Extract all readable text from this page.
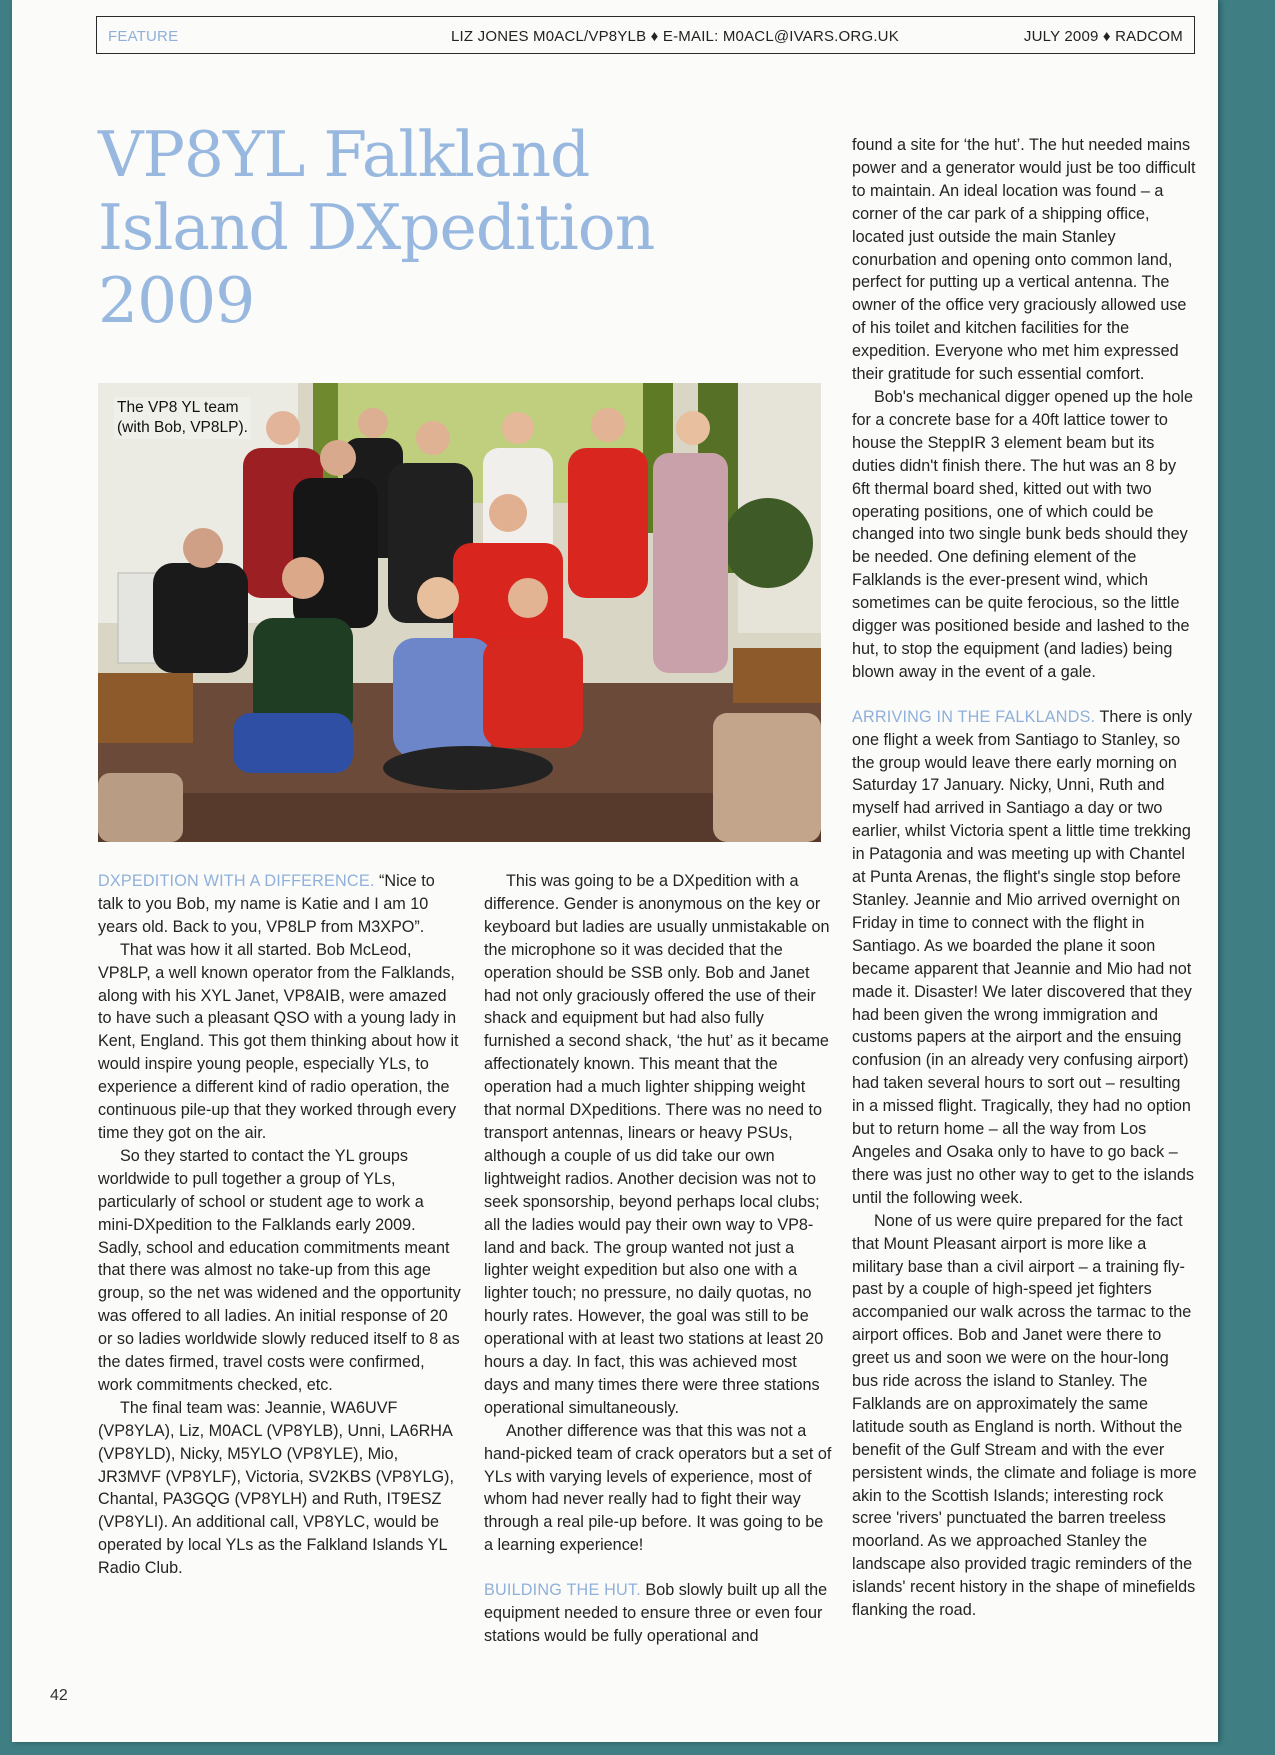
FEATURE	LIZ JONES M0ACL/VP8YLB ♦ E-MAIL: M0ACL@IVARS.ORG.UK	JULY 2009 ♦ RADCOM
VP8YL Falkland Island DXpedition 2009
The VP8 YL team
(with Bob, VP8LP).

DXPEDITION WITH A DIFFERENCE. “Nice to talk to you Bob, my name is Katie and I am 10 years old. Back to you, VP8LP from M3XPO”.

That was how it all started. Bob McLeod, VP8LP, a well known operator from the Falklands, along with his XYL Janet, VP8AIB, were amazed to have such a pleasant QSO with a young lady in Kent, England. This got them thinking about how it would inspire young people, especially YLs, to experience a different kind of radio operation, the continuous pile-up that they worked through every time they got on the air.

So they started to contact the YL groups worldwide to pull together a group of YLs, particularly of school or student age to work a mini-DXpedition to the Falklands early 2009. Sadly, school and education commitments meant that there was almost no take-up from this age group, so the net was widened and the opportunity was offered to all ladies. An initial response of 20 or so ladies worldwide slowly reduced itself to 8 as the dates firmed, travel costs were confirmed, work commitments checked, etc.

The final team was: Jeannie, WA6UVF (VP8YLA), Liz, M0ACL (VP8YLB), Unni, LA6RHA (VP8YLD), Nicky, M5YLO (VP8YLE), Mio, JR3MVF (VP8YLF), Victoria, SV2KBS (VP8YLG), Chantal, PA3GQG (VP8YLH) and Ruth, IT9ESZ (VP8YLI). An additional call, VP8YLC, would be operated by local YLs as the Falkland Islands YL Radio Club.

This was going to be a DXpedition with a difference. Gender is anonymous on the key or keyboard but ladies are usually unmistakable on the microphone so it was decided that the operation should be SSB only. Bob and Janet had not only graciously offered the use of their shack and equipment but had also fully furnished a second shack, ‘the hut’ as it became affectionately known. This meant that the operation had a much lighter shipping weight that normal DXpeditions. There was no need to transport antennas, linears or heavy PSUs, although a couple of us did take our own lightweight radios. Another decision was not to seek sponsorship, beyond perhaps local clubs; all the ladies would pay their own way to VP8-land and back. The group wanted not just a lighter weight expedition but also one with a lighter touch; no pressure, no daily quotas, no hourly rates. However, the goal was still to be operational with at least two stations at least 20 hours a day. In fact, this was achieved most days and many times there were three stations operational simultaneously.

Another difference was that this was not a hand-picked team of crack operators but a set of YLs with varying levels of experience, most of whom had never really had to fight their way through a real pile-up before. It was going to be a learning experience!

BUILDING THE HUT. Bob slowly built up all the equipment needed to ensure three or even four stations would be fully operational and

found a site for ‘the hut’. The hut needed mains power and a generator would just be too difficult to maintain. An ideal location was found – a corner of the car park of a shipping office, located just outside the main Stanley conurbation and opening onto common land, perfect for putting up a vertical antenna. The owner of the office very graciously allowed use of his toilet and kitchen facilities for the expedition. Everyone who met him expressed their gratitude for such essential comfort.

Bob's mechanical digger opened up the hole for a concrete base for a 40ft lattice tower to house the SteppIR 3 element beam but its duties didn't finish there. The hut was an 8 by 6ft thermal board shed, kitted out with two operating positions, one of which could be changed into two single bunk beds should they be needed. One defining element of the Falklands is the ever-present wind, which sometimes can be quite ferocious, so the little digger was positioned beside and lashed to the hut, to stop the equipment (and ladies) being blown away in the event of a gale.

ARRIVING IN THE FALKLANDS. There is only one flight a week from Santiago to Stanley, so the group would leave there early morning on Saturday 17 January. Nicky, Unni, Ruth and myself had arrived in Santiago a day or two earlier, whilst Victoria spent a little time trekking in Patagonia and was meeting up with Chantel at Punta Arenas, the flight's single stop before Stanley. Jeannie and Mio arrived overnight on Friday in time to connect with the flight in Santiago. As we boarded the plane it soon became apparent that Jeannie and Mio had not made it. Disaster! We later discovered that they had been given the wrong immigration and customs papers at the airport and the ensuing confusion (in an already very confusing airport) had taken several hours to sort out – resulting in a missed flight. Tragically, they had no option but to return home – all the way from Los Angeles and Osaka only to have to go back – there was just no other way to get to the islands until the following week.

None of us were quire prepared for the fact that Mount Pleasant airport is more like a military base than a civil airport – a training fly-past by a couple of high-speed jet fighters accompanied our walk across the tarmac to the airport offices. Bob and Janet were there to greet us and soon we were on the hour-long bus ride across the island to Stanley. The Falklands are on approximately the same latitude south as England is north. Without the benefit of the Gulf Stream and with the ever persistent winds, the climate and foliage is more akin to the Scottish Islands; interesting rock scree 'rivers' punctuated the barren treeless moorland. As we approached Stanley the landscape also provided tragic reminders of the islands' recent history in the shape of minefields flanking the road.

42
